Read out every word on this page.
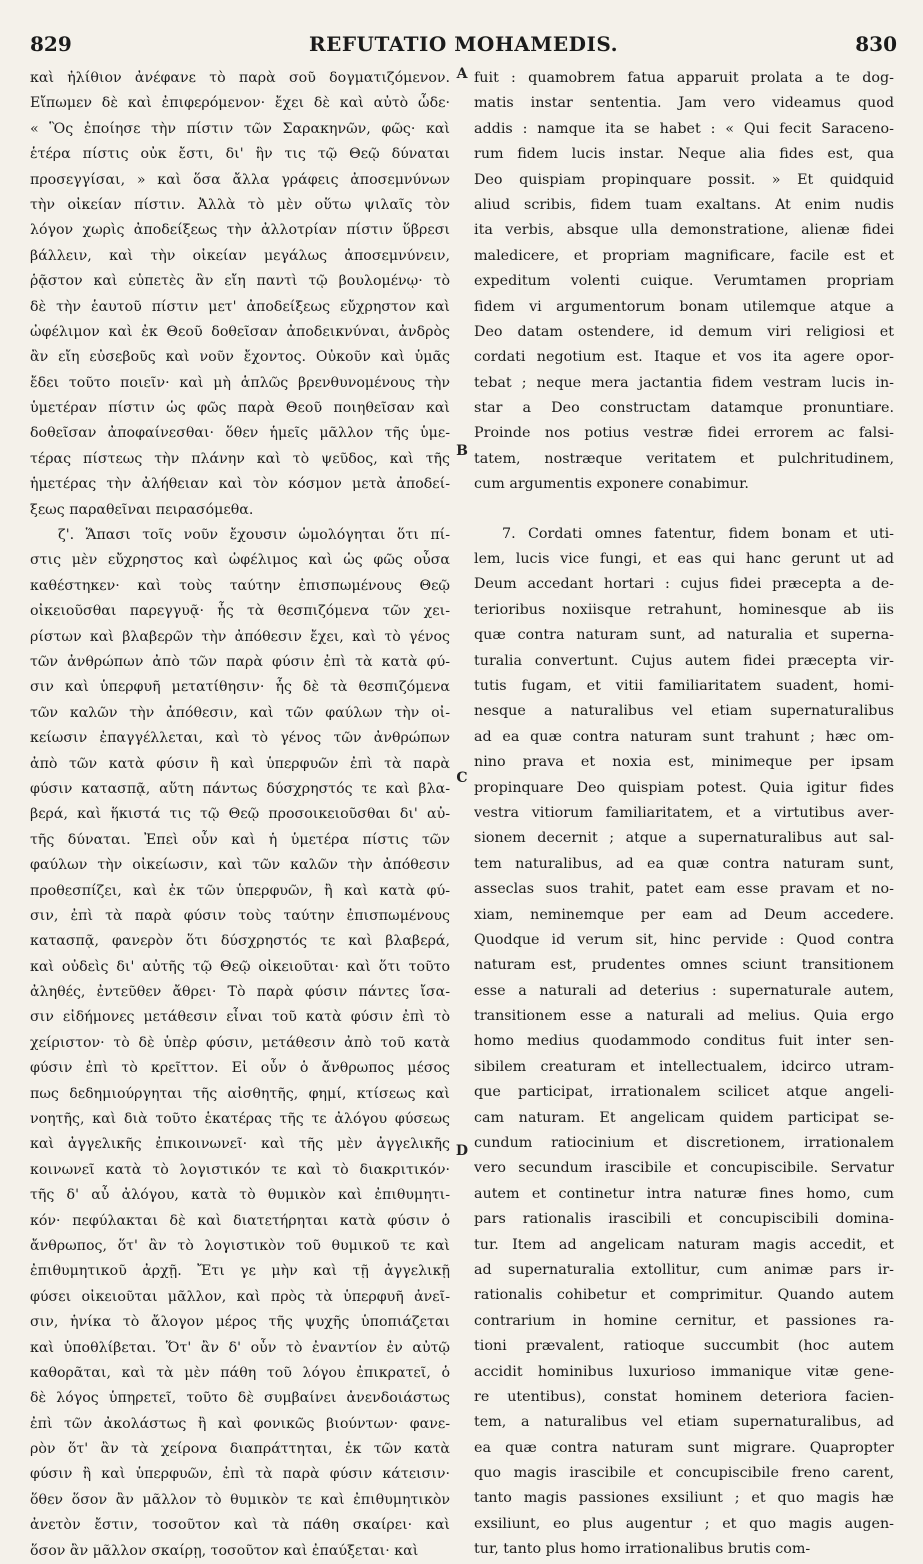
829	REFUTATIO MOHAMEDIS.	830
καὶ ἠλίθιον ἀνέφανε τὸ παρὰ σοῦ δογματιζόμενον.
Εἴπωμεν δὲ καὶ ἐπιφερόμενον· ἔχει δὲ καὶ αὐτὸ ὧδε·
« Ὃς ἐποίησε τὴν πίστιν τῶν Σαρακηνῶν, φῶς· καὶ
ἑτέρα πίστις οὐκ ἔστι, δι' ἣν τις τῷ Θεῷ δύναται
προσεγγίσαι, » καὶ ὅσα ἄλλα γράφεις ἀποσεμνύνων
τὴν οἰκείαν πίστιν. Ἀλλὰ τὸ μὲν οὕτω ψιλαῖς τὸν
λόγον χωρὶς ἀποδείξεως τὴν ἀλλοτρίαν πίστιν ὕβρεσι
βάλλειν, καὶ τὴν οἰκείαν μεγάλως ἀποσεμνύνειν,
ῥᾷστον καὶ εὐπετὲς ἂν εἴη παντὶ τῷ βουλομένῳ· τὸ
δὲ τὴν ἑαυτοῦ πίστιν μετ' ἀποδείξεως εὔχρηστον καὶ
ὠφέλιμον καὶ ἐκ Θεοῦ δοθεῖσαν ἀποδεικνύναι, ἀνδρὸς
ἂν εἴη εὐσεβοῦς καὶ νοῦν ἔχοντος. Οὐκοῦν καὶ ὑμᾶς
ἔδει τοῦτο ποιεῖν· καὶ μὴ ἁπλῶς βρενθυνομένους τὴν
ὑμετέραν πίστιν ὡς φῶς παρὰ Θεοῦ ποιηθεῖσαν καὶ
δοθεῖσαν ἀποφαίνεσθαι· ὅθεν ἡμεῖς μᾶλλον τῆς ὑμε-
τέρας πίστεως τὴν πλάνην καὶ τὸ ψεῦδος, καὶ τῆς
ἡμετέρας τὴν ἀλήθειαν καὶ τὸν κόσμον μετὰ ἀποδεί-
ξεως παραθεῖναι πειρασόμεθα.
ζ'. Ἅπασι τοῖς νοῦν ἔχουσιν ὡμολόγηται ὅτι πί-
στις μὲν εὔχρηστος καὶ ὠφέλιμος καὶ ὡς φῶς οὖσα
καθέστηκεν· καὶ τοὺς ταύτην ἐπισπωμένους Θεῷ
οἰκειοῦσθαι παρεγγυᾷ· ἧς τὰ θεσπιζόμενα τῶν χει-
ρίστων καὶ βλαβερῶν τὴν ἀπόθεσιν ἔχει, καὶ τὸ γένος
τῶν ἀνθρώπων ἀπὸ τῶν παρὰ φύσιν ἐπὶ τὰ κατὰ φύ-
σιν καὶ ὑπερφυῆ μετατίθησιν· ἧς δὲ τὰ θεσπιζόμενα
τῶν καλῶν τὴν ἀπόθεσιν, καὶ τῶν φαύλων τὴν οἰ-
κείωσιν ἐπαγγέλλεται, καὶ τὸ γένος τῶν ἀνθρώπων
ἀπὸ τῶν κατὰ φύσιν ἢ καὶ ὑπερφυῶν ἐπὶ τὰ παρὰ
φύσιν κατασπᾷ, αὕτη πάντως δύσχρηστός τε καὶ βλα-
βερά, καὶ ἥκιστά τις τῷ Θεῷ προσοικειοῦσθαι δι' αὐ-
τῆς δύναται. Ἐπεὶ οὖν καὶ ἡ ὑμετέρα πίστις τῶν
φαύλων τὴν οἰκείωσιν, καὶ τῶν καλῶν τὴν ἀπόθεσιν
προθεσπίζει, καὶ ἐκ τῶν ὑπερφυῶν, ἢ καὶ κατὰ φύ-
σιν, ἐπὶ τὰ παρὰ φύσιν τοὺς ταύτην ἐπισπωμένους
κατασπᾷ, φανερὸν ὅτι δύσχρηστός τε καὶ βλαβερά,
καὶ οὐδεὶς δι' αὐτῆς τῷ Θεῷ οἰκειοῦται· καὶ ὅτι τοῦτο
ἀληθές, ἐντεῦθεν ἄθρει· Τὸ παρὰ φύσιν πάντες ἴσα-
σιν εἰδήμονες μετάθεσιν εἶναι τοῦ κατὰ φύσιν ἐπὶ τὸ
χείριστον· τὸ δὲ ὑπὲρ φύσιν, μετάθεσιν ἀπὸ τοῦ κατὰ
φύσιν ἐπὶ τὸ κρεῖττον. Εἰ οὖν ὁ ἄνθρωπος μέσος
πως δεδημιούργηται τῆς αἰσθητῆς, φημί, κτίσεως καὶ
νοητῆς, καὶ διὰ τοῦτο ἑκατέρας τῆς τε ἀλόγου φύσεως
καὶ ἀγγελικῆς ἐπικοινωνεῖ· καὶ τῆς μὲν ἀγγελικῆς
κοινωνεῖ κατὰ τὸ λογιστικόν τε καὶ τὸ διακριτικόν·
τῆς δ' αὖ ἀλόγου, κατὰ τὸ θυμικὸν καὶ ἐπιθυμητι-
κόν· πεφύλακται δὲ καὶ διατετήρηται κατὰ φύσιν ὁ
ἄνθρωπος, ὅτ' ἂν τὸ λογιστικὸν τοῦ θυμικοῦ τε καὶ
ἐπιθυμητικοῦ ἀρχῇ. Ἔτι γε μὴν καὶ τῇ ἀγγελικῇ
φύσει οἰκειοῦται μᾶλλον, καὶ πρὸς τὰ ὑπερφυῆ ἀνεῖ-
σιν, ἡνίκα τὸ ἄλογον μέρος τῆς ψυχῆς ὑποπιάζεται
καὶ ὑποθλίβεται. Ὅτ' ἂν δ' οὖν τὸ ἐναντίον ἐν αὐτῷ
καθορᾶται, καὶ τὰ μὲν πάθη τοῦ λόγου ἐπικρατεῖ, ὁ
δὲ λόγος ὑπηρετεῖ, τοῦτο δὲ συμβαίνει ἀνενδοιάστως
ἐπὶ τῶν ἀκολάστως ἢ καὶ φονικῶς βιούντων· φανε-
ρὸν ὅτ' ἂν τὰ χείρονα διαπράττηται, ἐκ τῶν κατὰ
φύσιν ἢ καὶ ὑπερφυῶν, ἐπὶ τὰ παρὰ φύσιν κάτεισιν·
ὅθεν ὅσον ἂν μᾶλλον τὸ θυμικὸν τε καὶ ἐπιθυμητικὸν
ἀνετὸν ἔστιν, τοσοῦτον καὶ τὰ πάθη σκαίρει· καὶ
ὅσον ἂν μᾶλλον σκαίρῃ, τοσοῦτον καὶ ἐπαύξεται· καὶ
A
B
C
D
fuit : quamobrem fatua apparuit prolata a te dog-
matis instar sententia. Jam vero videamus quod
addis : namque ita se habet : « Qui fecit Saraceno-
rum fidem lucis instar. Neque alia fides est, qua
Deo quispiam propinquare possit. » Et quidquid
aliud scribis, fidem tuam exaltans. At enim nudis
ita verbis, absque ulla demonstratione, alienæ fidei
maledicere, et propriam magnificare, facile est et
expeditum volenti cuique. Verumtamen propriam
fidem vi argumentorum bonam utilemque atque a
Deo datam ostendere, id demum viri religiosi et
cordati negotium est. Itaque et vos ita agere opor-
tebat ; neque mera jactantia fidem vestram lucis in-
star a Deo constructam datamque pronuntiare.
Proinde nos potius vestræ fidei errorem ac falsi-
tatem, nostræque veritatem et pulchritudinem,
cum argumentis exponere conabimur.
7. Cordati omnes fatentur, fidem bonam et uti-
lem, lucis vice fungi, et eas qui hanc gerunt ut ad
Deum accedant hortari : cujus fidei præcepta a de-
terioribus noxiisque retrahunt, hominesque ab iis
quæ contra naturam sunt, ad naturalia et superna-
turalia convertunt. Cujus autem fidei præcepta vir-
tutis fugam, et vitii familiaritatem suadent, homi-
nesque a naturalibus vel etiam supernaturalibus
ad ea quæ contra naturam sunt trahunt ; hæc om-
nino prava et noxia est, minimeque per ipsam
propinquare Deo quispiam potest. Quia igitur fides
vestra vitiorum familiaritatem, et a virtutibus aver-
sionem decernit ; atque a supernaturalibus aut sal-
tem naturalibus, ad ea quæ contra naturam sunt,
asseclas suos trahit, patet eam esse pravam et no-
xiam, neminemque per eam ad Deum accedere.
Quodque id verum sit, hinc pervide : Quod contra
naturam est, prudentes omnes sciunt transitionem
esse a naturali ad deterius : supernaturale autem,
transitionem esse a naturali ad melius. Quia ergo
homo medius quodammodo conditus fuit inter sen-
sibilem creaturam et intellectualem, idcirco utram-
que participat, irrationalem scilicet atque angeli-
cam naturam. Et angelicam quidem participat se-
cundum ratiocinium et discretionem, irrationalem
vero secundum irascibile et concupiscibile. Servatur
autem et continetur intra naturæ fines homo, cum
pars rationalis irascibili et concupiscibili domina-
tur. Item ad angelicam naturam magis accedit, et
ad supernaturalia extollitur, cum animæ pars ir-
rationalis cohibetur et comprimitur. Quando autem
contrarium in homine cernitur, et passiones ra-
tioni prævalent, ratioque succumbit (hoc autem
accidit hominibus luxurioso immanique vitæ gene-
re utentibus), constat hominem deteriora facien-
tem, a naturalibus vel etiam supernaturalibus, ad
ea quæ contra naturam sunt migrare. Quapropter
quo magis irascibile et concupiscibile freno carent,
tanto magis passiones exsiliunt ; et quo magis hæ
exsiliunt, eo plus augentur ; et quo magis augen-
tur, tanto plus homo irrationalibus brutis com-
